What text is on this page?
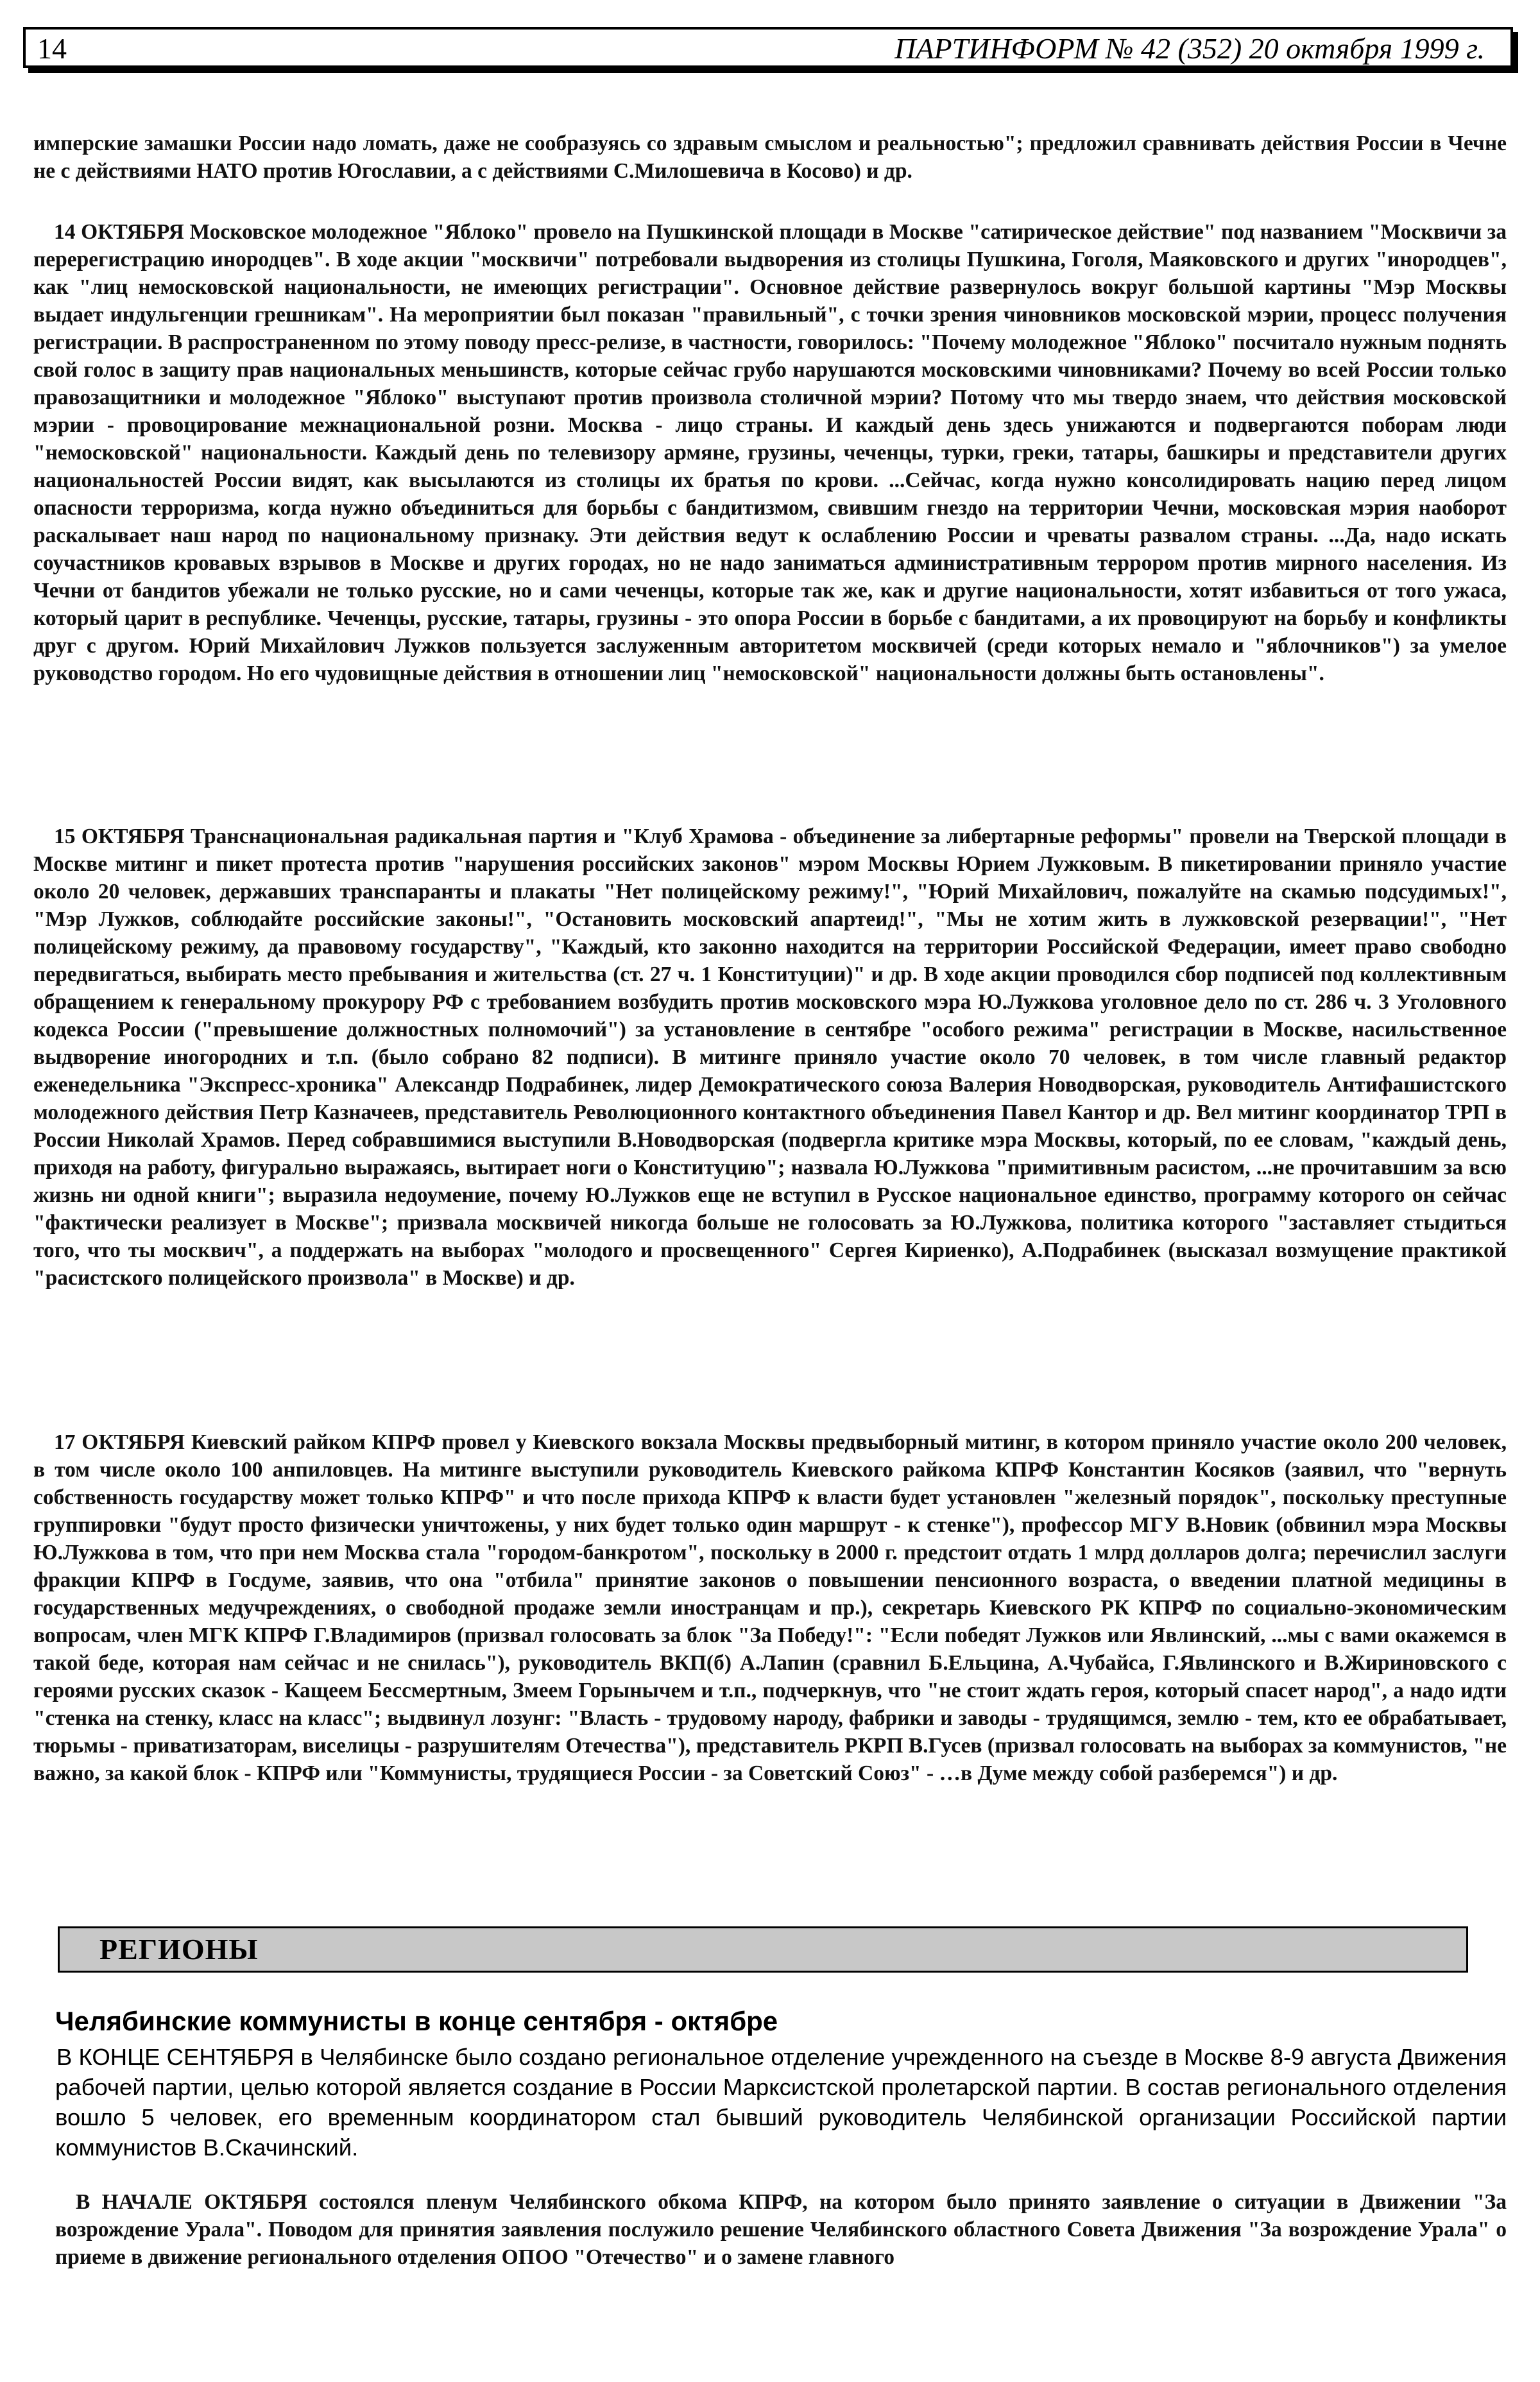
14	ПАРТИНФОРМ № 42 (352) 20 октября 1999 г.

имперские замашки России надо ломать, даже не сообразуясь со здравым смыслом и реальностью"; предложил сравнивать действия России в Чечне не с действиями НАТО против Югославии, а с действиями С.Милошевича в Косово) и др.

14 ОКТЯБРЯ Московское молодежное "Яблоко" провело на Пушкинской площади в Москве "сатирическое действие" под названием "Москвичи за перерегистрацию инородцев". В ходе акции "москвичи" потребовали выдворения из столицы Пушкина, Гоголя, Маяковского и других "инородцев", как "лиц немосковской национальности, не имеющих регистрации". Основное действие развернулось вокруг большой картины "Мэр Москвы выдает индульгенции грешникам". На мероприятии был показан "правильный", с точки зрения чиновников московской мэрии, процесс получения регистрации. В распространенном по этому поводу пресс-релизе, в частности, говорилось: "Почему молодежное "Яблоко" посчитало нужным поднять свой голос в защиту прав национальных меньшинств, которые сейчас грубо нарушаются московскими чиновниками? Почему во всей России только правозащитники и молодежное "Яблоко" выступают против произвола столичной мэрии? Потому что мы твердо знаем, что действия московской мэрии - провоцирование межнациональной розни. Москва - лицо страны. И каждый день здесь унижаются и подвергаются поборам люди "немосковской" национальности. Каждый день по телевизору армяне, грузины, чеченцы, турки, греки, татары, башкиры и представители других национальностей России видят, как высылаются из столицы их братья по крови. ...Сейчас, когда нужно консолидировать нацию перед лицом опасности терроризма, когда нужно объединиться для борьбы с бандитизмом, свившим гнездо на территории Чечни, московская мэрия наоборот раскалывает наш народ по национальному признаку. Эти действия ведут к ослаблению России и чреваты развалом страны. ...Да, надо искать соучастников кровавых взрывов в Москве и других городах, но не надо заниматься административным террором против мирного населения. Из Чечни от бандитов убежали не только русские, но и сами чеченцы, которые так же, как и другие национальности, хотят избавиться от того ужаса, который царит в республике. Чеченцы, русские, татары, грузины - это опора России в борьбе с бандитами, а их провоцируют на борьбу и конфликты друг с другом. Юрий Михайлович Лужков пользуется заслуженным авторитетом москвичей (среди которых немало и "яблочников") за умелое руководство городом. Но его чудовищные действия в отношении лиц "немосковской" национальности должны быть остановлены".

15 ОКТЯБРЯ Транснациональная радикальная партия и "Клуб Храмова - объединение за либертарные реформы" провели на Тверской площади в Москве митинг и пикет протеста против "нарушения российских законов" мэром Москвы Юрием Лужковым. В пикетировании приняло участие около 20 человек, державших транспаранты и плакаты "Нет полицейскому режиму!", "Юрий Михайлович, пожалуйте на скамью подсудимых!", "Мэр Лужков, соблюдайте российские законы!", "Остановить московский апартеид!", "Мы не хотим жить в лужковской резервации!", "Нет полицейскому режиму, да правовому государству", "Каждый, кто законно находится на территории Российской Федерации, имеет право свободно передвигаться, выбирать место пребывания и жительства (ст. 27 ч. 1 Конституции)" и др. В ходе акции проводился сбор подписей под коллективным обращением к генеральному прокурору РФ с требованием возбудить против московского мэра Ю.Лужкова уголовное дело по ст. 286 ч. 3 Уголовного кодекса России ("превышение должностных полномочий") за установление в сентябре "особого режима" регистрации в Москве, насильственное выдворение иногородних и т.п. (было собрано 82 подписи). В митинге приняло участие около 70 человек, в том числе главный редактор еженедельника "Экспресс-хроника" Александр Подрабинек, лидер Демократического союза Валерия Новодворская, руководитель Антифашистского молодежного действия Петр Казначеев, представитель Революционного контактного объединения Павел Кантор и др. Вел митинг координатор ТРП в России Николай Храмов. Перед собравшимися выступили В.Новодворская (подвергла критике мэра Москвы, который, по ее словам, "каждый день, приходя на работу, фигурально выражаясь, вытирает ноги о Конституцию"; назвала Ю.Лужкова "примитивным расистом, ...не прочитавшим за всю жизнь ни одной книги"; выразила недоумение, почему Ю.Лужков еще не вступил в Русское национальное единство, программу которого он сейчас "фактически реализует в Москве"; призвала москвичей никогда больше не голосовать за Ю.Лужкова, политика которого "заставляет стыдиться того, что ты москвич", а поддержать на выборах "молодого и просвещенного" Сергея Кириенко), А.Подрабинек (высказал возмущение практикой "расистского полицейского произвола" в Москве) и др.

17 ОКТЯБРЯ Киевский райком КПРФ провел у Киевского вокзала Москвы предвыборный митинг, в котором приняло участие около 200 человек, в том числе около 100 анпиловцев. На митинге выступили руководитель Киевского райкома КПРФ Константин Косяков (заявил, что "вернуть собственность государству может только КПРФ" и что после прихода КПРФ к власти будет установлен "железный порядок", поскольку преступные группировки "будут просто физически уничтожены, у них будет только один маршрут - к стенке"), профессор МГУ В.Новик (обвинил мэра Москвы Ю.Лужкова в том, что при нем Москва стала "городом-банкротом", поскольку в 2000 г. предстоит отдать 1 млрд долларов долга; перечислил заслуги фракции КПРФ в Госдуме, заявив, что она "отбила" принятие законов о повышении пенсионного возраста, о введении платной медицины в государственных медучреждениях, о свободной продаже земли иностранцам и пр.), секретарь Киевского РК КПРФ по социально-экономическим вопросам, член МГК КПРФ Г.Владимиров (призвал голосовать за блок "За Победу!": "Если победят Лужков или Явлинский, ...мы с вами окажемся в такой беде, которая нам сейчас и не снилась"), руководитель ВКП(б) А.Лапин (сравнил Б.Ельцина, А.Чубайса, Г.Явлинского и В.Жириновского с героями русских сказок - Кащеем Бессмертным, Змеем Горынычем и т.п., подчеркнув, что "не стоит ждать героя, который спасет народ", а надо идти "стенка на стенку, класс на класс"; выдвинул лозунг: "Власть - трудовому народу, фабрики и заводы - трудящимся, землю - тем, кто ее обрабатывает, тюрьмы - приватизаторам, виселицы - разрушителям Отечества"), представитель РКРП В.Гусев (призвал голосовать на выборах за коммунистов, "не важно, за какой блок - КПРФ или "Коммунисты, трудящиеся России - за Советский Союз" - …в Думе между собой разберемся") и др.

РЕГИОНЫ
Челябинские коммунисты в конце сентября - октябре

В КОНЦЕ СЕНТЯБРЯ в Челябинске было создано региональное отделение учрежденного на съезде в Москве 8-9 августа Движения рабочей партии, целью которой является создание в России Марксистской пролетарской партии. В состав регионального отделения вошло 5 человек, его временным координатором стал бывший руководитель Челябинской организации Российской партии коммунистов В.Скачинский.

В НАЧАЛЕ ОКТЯБРЯ состоялся пленум Челябинского обкома КПРФ, на котором было принято заявление о ситуации в Движении "За возрождение Урала". Поводом для принятия заявления послужило решение Челябинского областного Совета Движения "За возрождение Урала" о приеме в движение регионального отделения ОПОО "Отечество" и о замене главного
